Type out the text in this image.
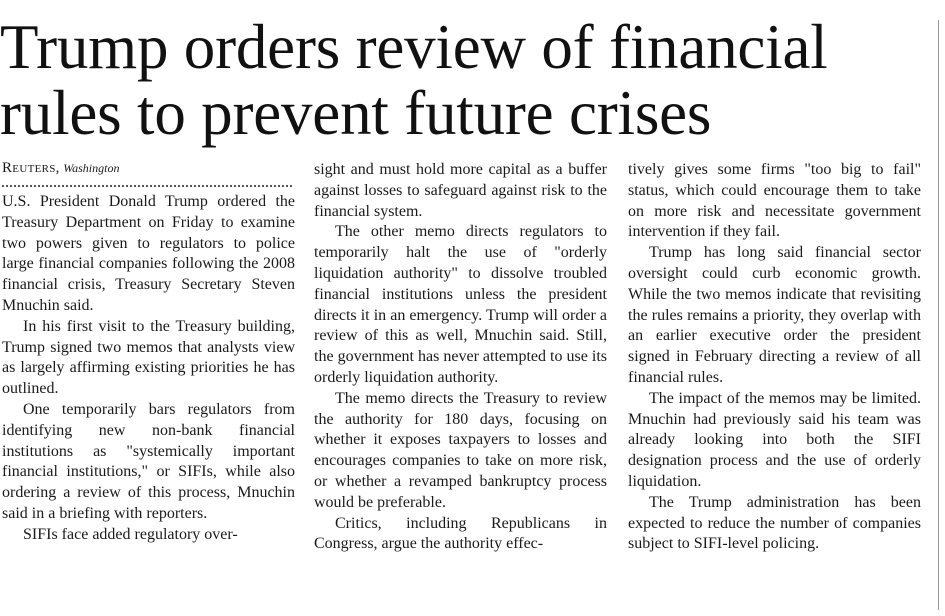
Trump orders review of financial rules to prevent future crises
Reuters, Washington

U.S. President Donald Trump ordered the Treasury Department on Friday to examine two powers given to regulators to police large financial companies following the 2008 financial crisis, Treasury Secretary Steven Mnuchin said.

In his first visit to the Treasury building, Trump signed two memos that analysts view as largely affirming existing priorities he has outlined.

One temporarily bars regulators from identifying new non-bank financial institutions as "systemically important financial institutions," or SIFIs, while also ordering a review of this process, Mnuchin said in a briefing with reporters.

SIFIs face added regulatory over-

sight and must hold more capital as a buffer against losses to safeguard against risk to the financial system.

The other memo directs regulators to temporarily halt the use of "orderly liquidation authority" to dissolve troubled financial institutions unless the president directs it in an emergency. Trump will order a review of this as well, Mnuchin said. Still, the government has never attempted to use its orderly liquidation authority.

The memo directs the Treasury to review the authority for 180 days, focusing on whether it exposes taxpayers to losses and encourages companies to take on more risk, or whether a revamped bankruptcy process would be preferable.

Critics, including Republicans in Congress, argue the authority effec-

tively gives some firms "too big to fail" status, which could encourage them to take on more risk and necessitate government intervention if they fail.

Trump has long said financial sector oversight could curb economic growth. While the two memos indicate that revisiting the rules remains a priority, they overlap with an earlier executive order the president signed in February directing a review of all financial rules.

The impact of the memos may be limited. Mnuchin had previously said his team was already looking into both the SIFI designation process and the use of orderly liquidation.

The Trump administration has been expected to reduce the number of companies subject to SIFI-level policing.
